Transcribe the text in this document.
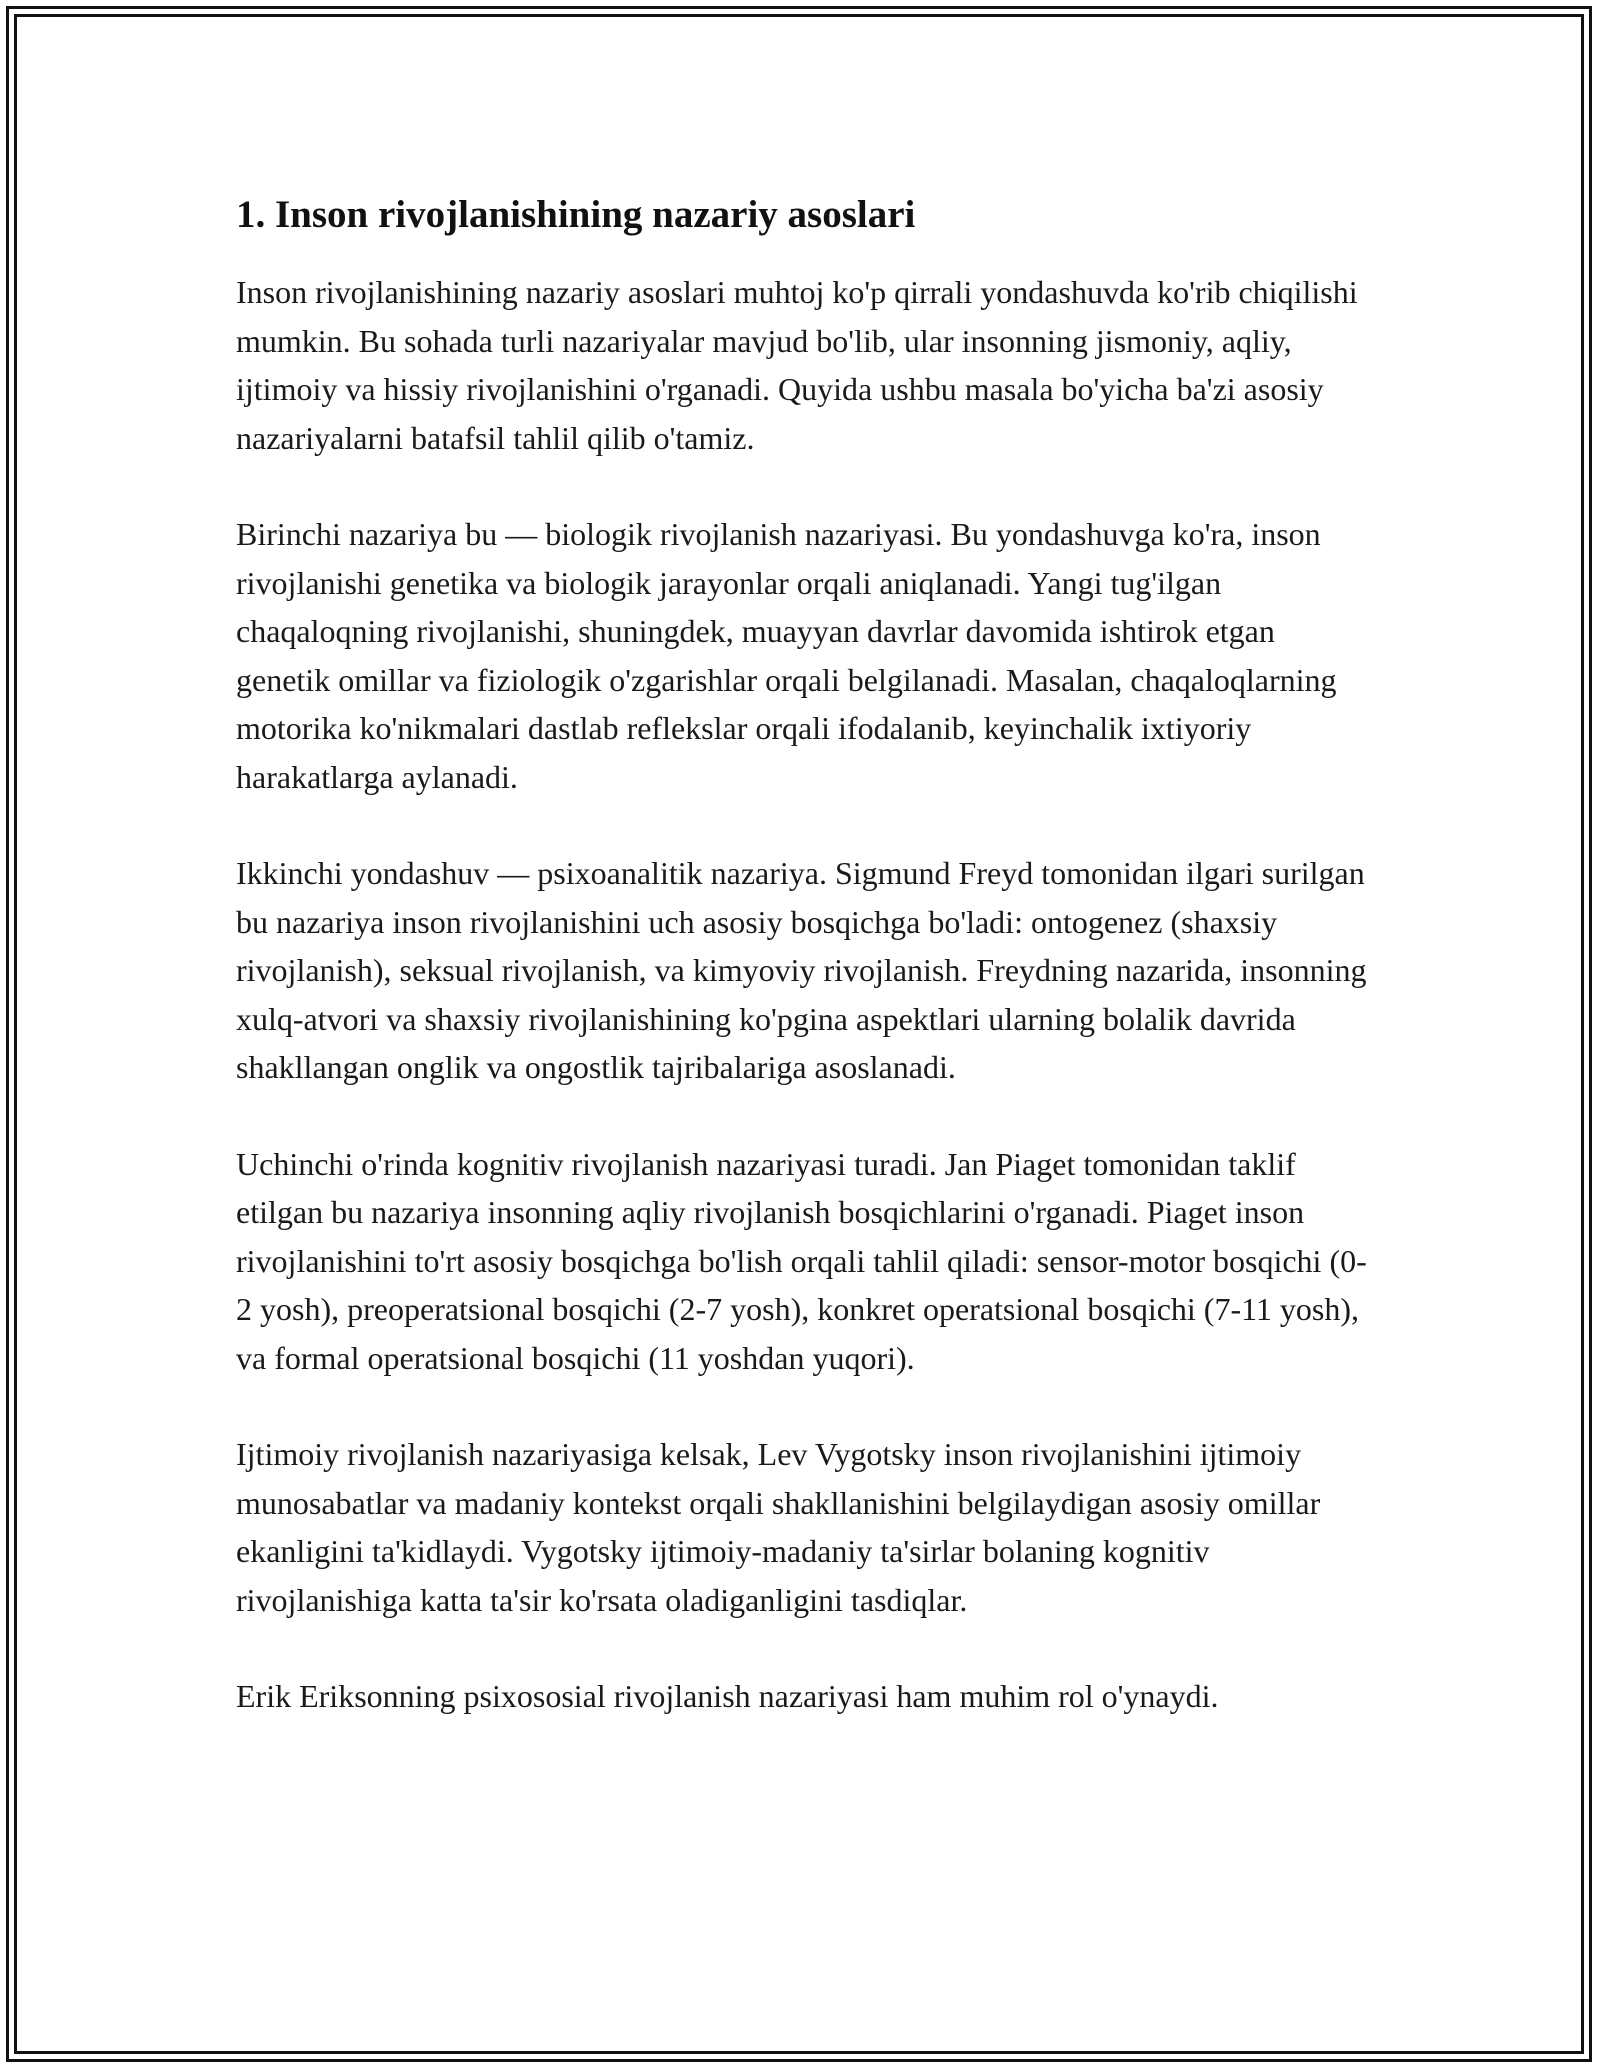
1. Inson rivojlanishining nazariy asoslari

Inson rivojlanishining nazariy asoslari muhtoj ko'p qirrali yondashuvda ko'rib chiqilishi mumkin. Bu sohada turli nazariyalar mavjud bo'lib, ular insonning jismoniy, aqliy, ijtimoiy va hissiy rivojlanishini o'rganadi. Quyida ushbu masala bo'yicha ba'zi asosiy nazariyalarni batafsil tahlil qilib o'tamiz.

Birinchi nazariya bu — biologik rivojlanish nazariyasi. Bu yondashuvga ko'ra, inson rivojlanishi genetika va biologik jarayonlar orqali aniqlanadi. Yangi tug'ilgan chaqaloqning rivojlanishi, shuningdek, muayyan davrlar davomida ishtirok etgan genetik omillar va fiziologik o'zgarishlar orqali belgilanadi. Masalan, chaqaloqlarning motorika ko'nikmalari dastlab reflekslar orqali ifodalanib, keyinchalik ixtiyoriy harakatlarga aylanadi.

Ikkinchi yondashuv — psixoanalitik nazariya. Sigmund Freyd tomonidan ilgari surilgan bu nazariya inson rivojlanishini uch asosiy bosqichga bo'ladi: ontogenez (shaxsiy rivojlanish), seksual rivojlanish, va kimyoviy rivojlanish. Freydning nazarida, insonning xulq-atvori va shaxsiy rivojlanishining ko'pgina aspektlari ularning bolalik davrida shakllangan onglik va ongostlik tajribalariga asoslanadi.

Uchinchi o'rinda kognitiv rivojlanish nazariyasi turadi. Jan Piaget tomonidan taklif etilgan bu nazariya insonning aqliy rivojlanish bosqichlarini o'rganadi. Piaget inson rivojlanishini to'rt asosiy bosqichga bo'lish orqali tahlil qiladi: sensor-motor bosqichi (0-2 yosh), preoperatsional bosqichi (2-7 yosh), konkret operatsional bosqichi (7-11 yosh), va formal operatsional bosqichi (11 yoshdan yuqori).

Ijtimoiy rivojlanish nazariyasiga kelsak, Lev Vygotsky inson rivojlanishini ijtimoiy munosabatlar va madaniy kontekst orqali shakllanishini belgilaydigan asosiy omillar ekanligini ta'kidlaydi. Vygotsky ijtimoiy-madaniy ta'sirlar bolaning kognitiv rivojlanishiga katta ta'sir ko'rsata oladiganligini tasdiqlar.

Erik Eriksonning psixososial rivojlanish nazariyasi ham muhim rol o'ynaydi.
